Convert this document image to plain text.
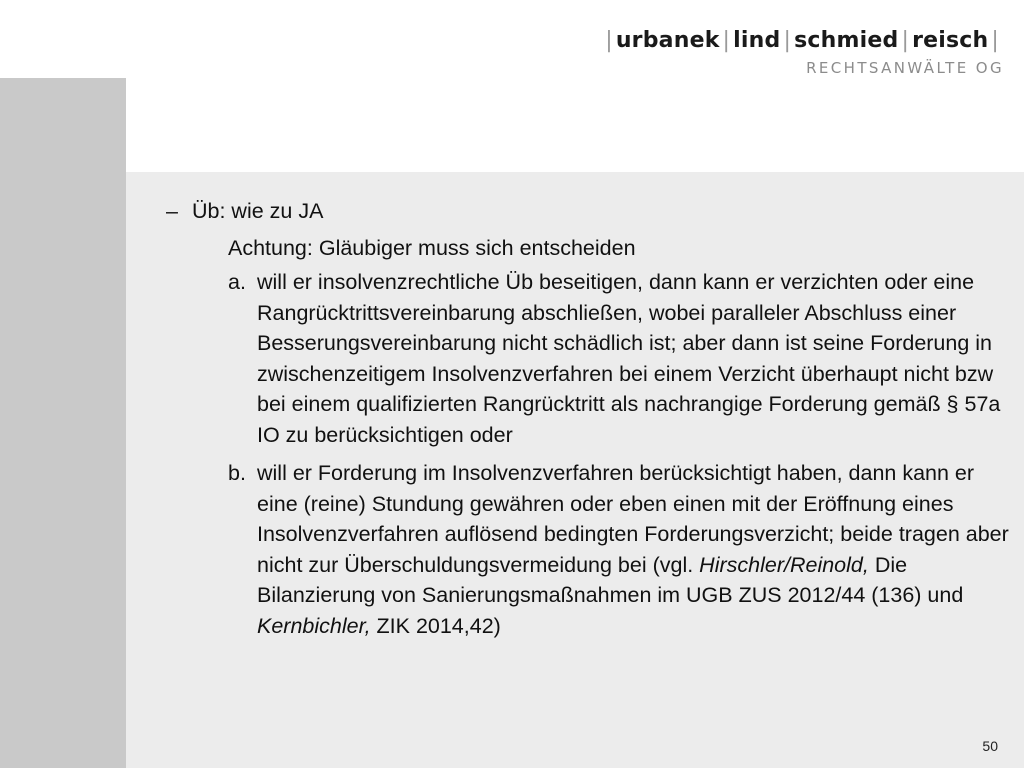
| urbanek | lind | schmied | reisch |
RECHTSANWÄLTE OG
– Üb: wie zu JA
Achtung: Gläubiger muss sich entscheiden
a. will er insolvenzrechtliche Üb beseitigen, dann kann er verzichten oder eine Rangrücktrittsvereinbarung abschließen, wobei paralleler Abschluss einer Besserungsvereinbarung nicht schädlich ist; aber dann ist seine Forderung in zwischenzeitigem Insolvenzverfahren bei einem Verzicht überhaupt nicht bzw bei einem qualifizierten Rangrücktritt als nachrangige Forderung gemäß § 57a IO zu berücksichtigen oder
b. will er Forderung im Insolvenzverfahren berücksichtigt haben, dann kann er eine (reine) Stundung gewähren oder eben einen mit der Eröffnung eines Insolvenzverfahren auflösend bedingten Forderungsverzicht; beide tragen aber nicht zur Überschuldungsvermeidung bei (vgl. Hirschler/Reinold, Die Bilanzierung von Sanierungsmaßnahmen im UGB ZUS 2012/44 (136) und Kernbichler, ZIK 2014,42)
50
